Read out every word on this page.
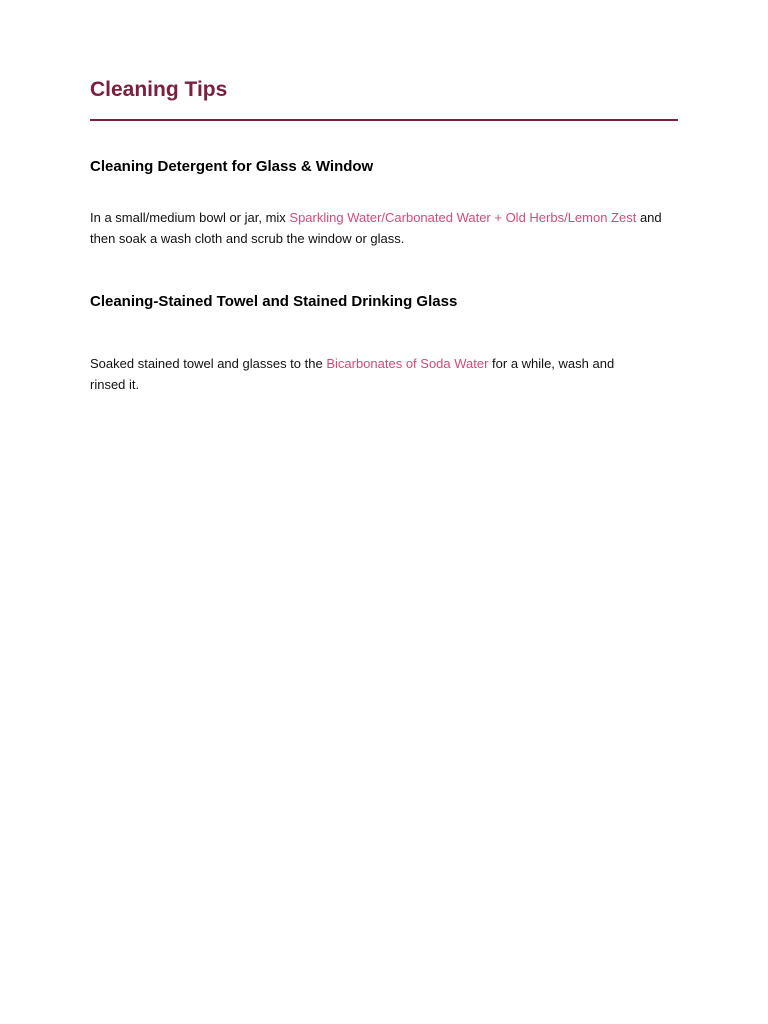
Cleaning Tips
Cleaning Detergent for Glass & Window

In a small/medium bowl or jar, mix Sparkling Water/Carbonated Water + Old Herbs/Lemon Zest and then soak a wash cloth and scrub the window or glass.

Cleaning-Stained Towel and Stained Drinking Glass

Soaked stained towel and glasses to the Bicarbonates of Soda Water for a while, wash and rinsed it.
